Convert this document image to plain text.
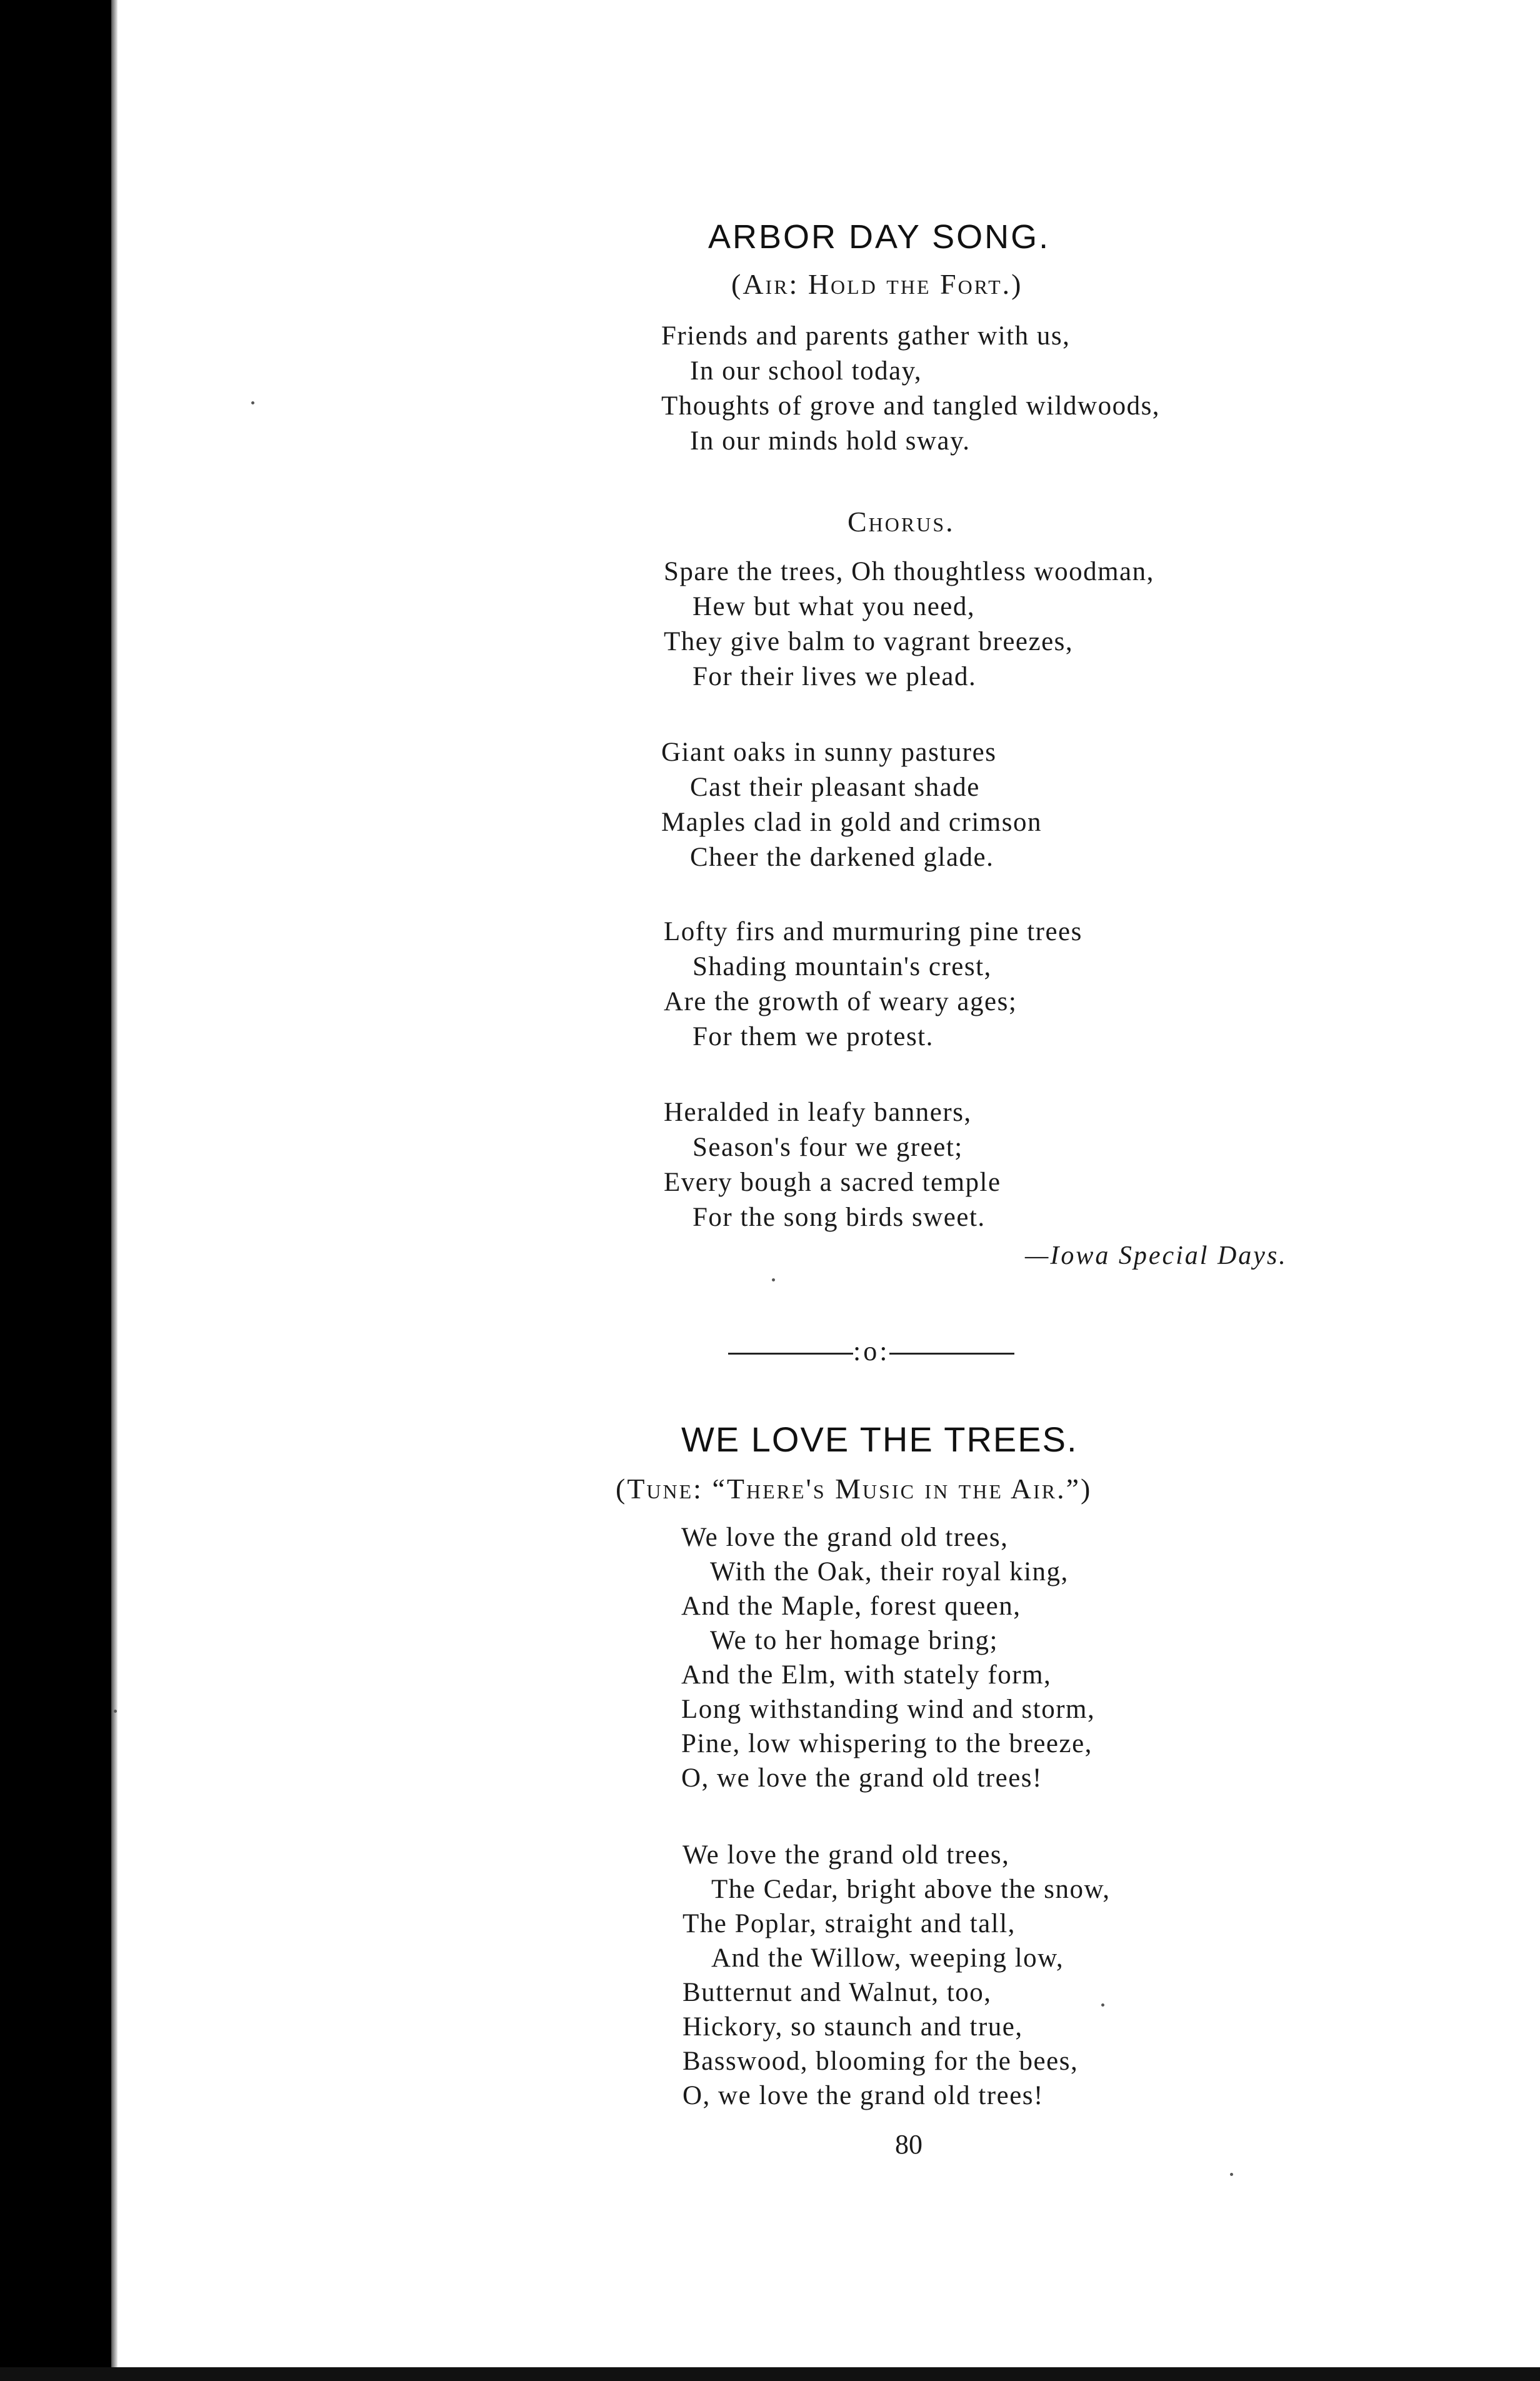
ARBOR DAY SONG.
(Air: Hold the Fort.)
Friends and parents gather with us,
In our school today,
Thoughts of grove and tangled wildwoods,
In our minds hold sway.
Chorus.
Spare the trees, Oh thoughtless woodman,
Hew but what you need,
They give balm to vagrant breezes,
For their lives we plead.
Giant oaks in sunny pastures
Cast their pleasant shade
Maples clad in gold and crimson
Cheer the darkened glade.
Lofty firs and murmuring pine trees
Shading mountain's crest,
Are the growth of weary ages;
For them we protest.
Heralded in leafy banners,
Season's four we greet;
Every bough a sacred temple
For the song birds sweet.
—Iowa Special Days.
:o:
WE LOVE THE TREES.
(Tune: “There's Music in the Air.”)
We love the grand old trees,
With the Oak, their royal king,
And the Maple, forest queen,
We to her homage bring;
And the Elm, with stately form,
Long withstanding wind and storm,
Pine, low whispering to the breeze,
O, we love the grand old trees!
We love the grand old trees,
The Cedar, bright above the snow,
The Poplar, straight and tall,
And the Willow, weeping low,
Butternut and Walnut, too,
Hickory, so staunch and true,
Basswood, blooming for the bees,
O, we love the grand old trees!
80
